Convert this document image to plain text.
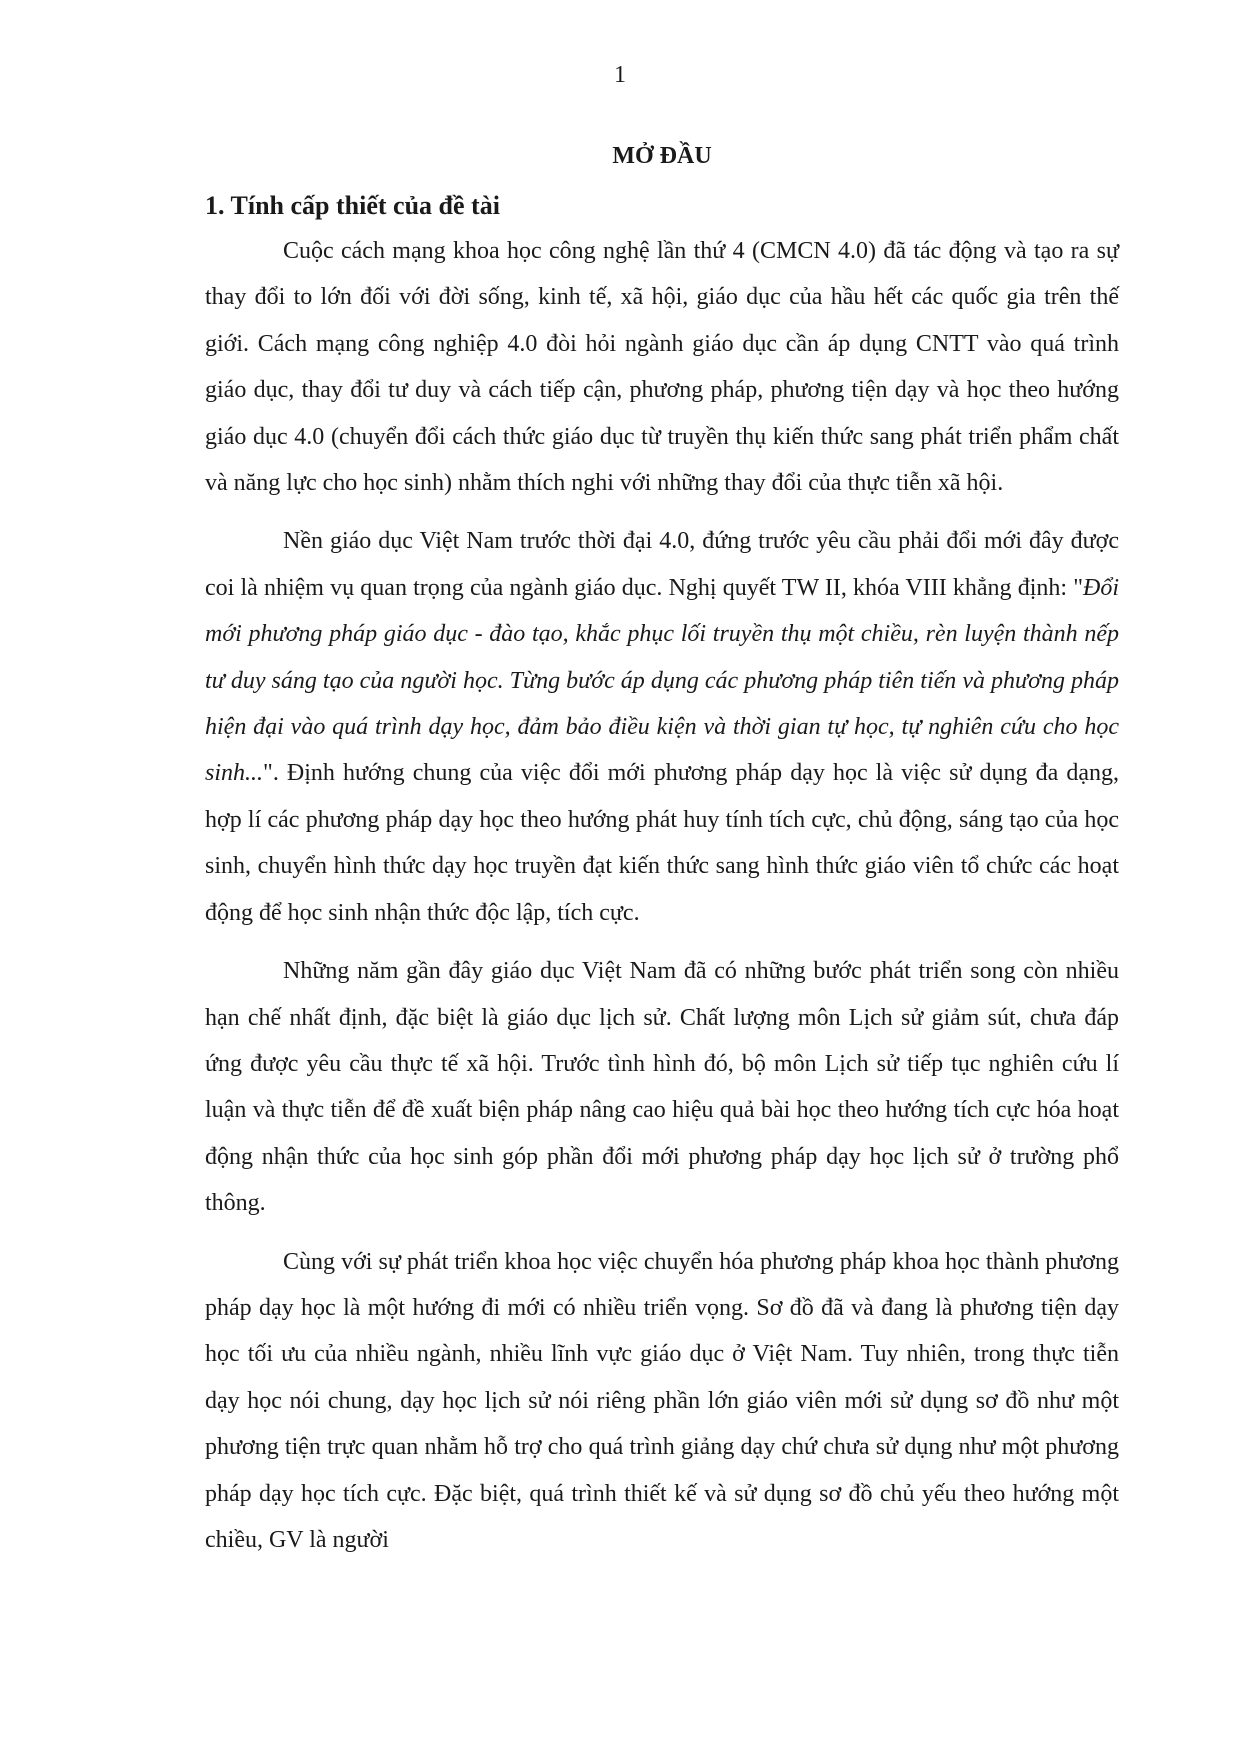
1
MỞ ĐẦU
1. Tính cấp thiết của đề tài

Cuộc cách mạng khoa học công nghệ lần thứ 4 (CMCN 4.0) đã tác động và tạo ra sự thay đổi to lớn đối với đời sống, kinh tế, xã hội, giáo dục của hầu hết các quốc gia trên thế giới. Cách mạng công nghiệp 4.0 đòi hỏi ngành giáo dục cần áp dụng CNTT vào quá trình giáo dục, thay đổi tư duy và cách tiếp cận, phương pháp, phương tiện dạy và học theo hướng giáo dục 4.0 (chuyển đổi cách thức giáo dục từ truyền thụ kiến thức sang phát triển phẩm chất và năng lực cho học sinh) nhằm thích nghi với những thay đổi của thực tiễn xã hội.

Nền giáo dục Việt Nam trước thời đại 4.0, đứng trước yêu cầu phải đổi mới đây được coi là nhiệm vụ quan trọng của ngành giáo dục. Nghị quyết TW II, khóa VIII khẳng định: "Đổi mới phương pháp giáo dục - đào tạo, khắc phục lối truyền thụ một chiều, rèn luyện thành nếp tư duy sáng tạo của người học. Từng bước áp dụng các phương pháp tiên tiến và phương pháp hiện đại vào quá trình dạy học, đảm bảo điều kiện và thời gian tự học, tự nghiên cứu cho học sinh...". Định hướng chung của việc đổi mới phương pháp dạy học là việc sử dụng đa dạng, hợp lí các phương pháp dạy học theo hướng phát huy tính tích cực, chủ động, sáng tạo của học sinh, chuyển hình thức dạy học truyền đạt kiến thức sang hình thức giáo viên tổ chức các hoạt động để học sinh nhận thức độc lập, tích cực.

Những năm gần đây giáo dục Việt Nam đã có những bước phát triển song còn nhiều hạn chế nhất định, đặc biệt là giáo dục lịch sử. Chất lượng môn Lịch sử giảm sút, chưa đáp ứng được yêu cầu thực tế xã hội. Trước tình hình đó, bộ môn Lịch sử tiếp tục nghiên cứu lí luận và thực tiễn để đề xuất biện pháp nâng cao hiệu quả bài học theo hướng tích cực hóa hoạt động nhận thức của học sinh góp phần đổi mới phương pháp dạy học lịch sử ở trường phổ thông.

Cùng với sự phát triển khoa học việc chuyển hóa phương pháp khoa học thành phương pháp dạy học là một hướng đi mới có nhiều triển vọng. Sơ đồ đã và đang là phương tiện dạy học tối ưu của nhiều ngành, nhiều lĩnh vực giáo dục ở Việt Nam. Tuy nhiên, trong thực tiễn dạy học nói chung, dạy học lịch sử nói riêng phần lớn giáo viên mới sử dụng sơ đồ như một phương tiện trực quan nhằm hỗ trợ cho quá trình giảng dạy chứ chưa sử dụng như một phương pháp dạy học tích cực. Đặc biệt, quá trình thiết kế và sử dụng sơ đồ chủ yếu theo hướng một chiều, GV là người
